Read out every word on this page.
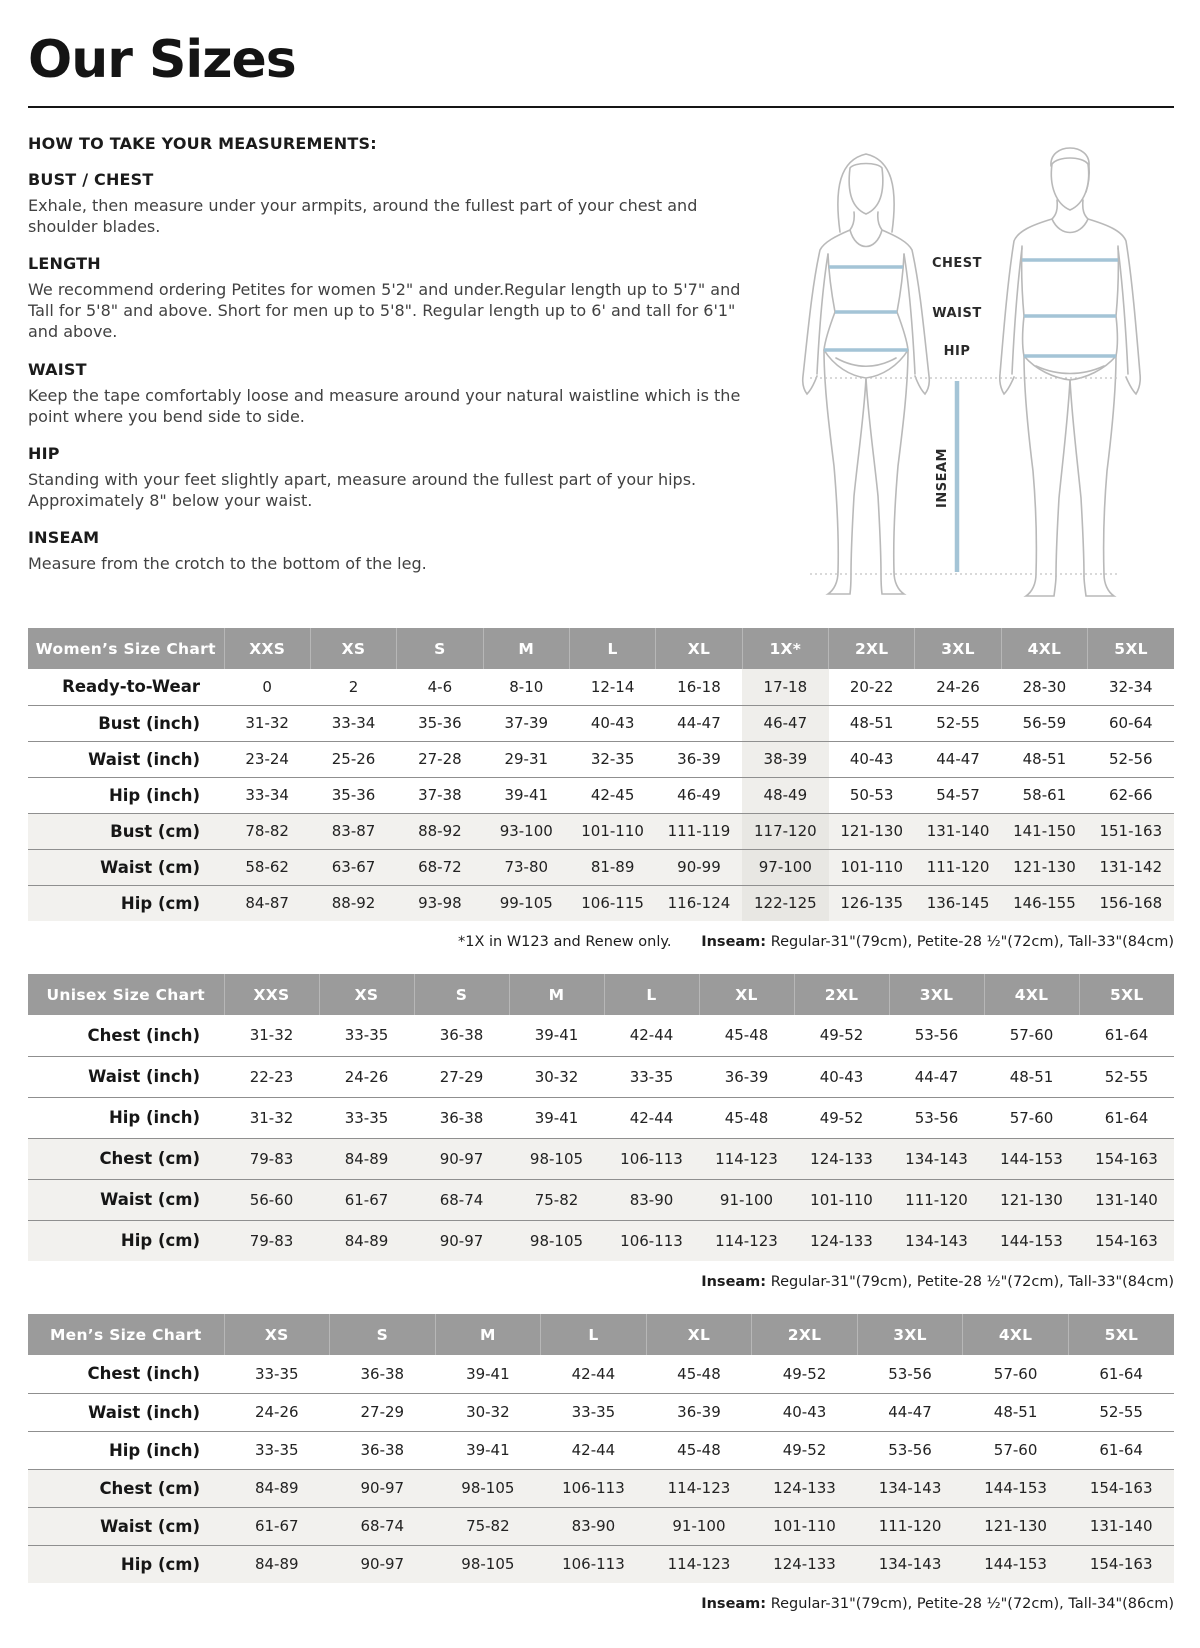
Our Sizes
HOW TO TAKE YOUR MEASUREMENTS:
BUST / CHEST

Exhale, then measure under your armpits, around the fullest part of your chest and shoulder blades.

LENGTH

We recommend ordering Petites for women 5'2" and under.Regular length up to 5'7" and Tall for 5'8" and above. Short for men up to 5'8". Regular length up to 6' and tall for 6'1" and above.

WAIST

Keep the tape comfortably loose and measure around your natural waistline which is the point where you bend side to side.

HIP

Standing with your feet slightly apart, measure around the fullest part of your hips. Approximately 8" below your waist.

INSEAM

Measure from the crotch to the bottom of the leg.

CHEST
WAIST
HIP
INSEAM
Women’s Size Chart	XXS	XS	S	M	L	XL	1X*	2XL	3XL	4XL	5XL
Ready-to-Wear	0	2	4-6	8-10	12-14	16-18	17-18	20-22	24-26	28-30	32-34
Bust (inch)	31-32	33-34	35-36	37-39	40-43	44-47	46-47	48-51	52-55	56-59	60-64
Waist (inch)	23-24	25-26	27-28	29-31	32-35	36-39	38-39	40-43	44-47	48-51	52-56
Hip (inch)	33-34	35-36	37-38	39-41	42-45	46-49	48-49	50-53	54-57	58-61	62-66
Bust (cm)	78-82	83-87	88-92	93-100	101-110	111-119	117-120	121-130	131-140	141-150	151-163
Waist (cm)	58-62	63-67	68-72	73-80	81-89	90-99	97-100	101-110	111-120	121-130	131-142
Hip (cm)	84-87	88-92	93-98	99-105	106-115	116-124	122-125	126-135	136-145	146-155	156-168
*1X in W123 and Renew only. Inseam: Regular-31"(79cm), Petite-28 ½"(72cm), Tall-33"(84cm)
Unisex Size Chart	XXS	XS	S	M	L	XL	2XL	3XL	4XL	5XL
Chest (inch)	31-32	33-35	36-38	39-41	42-44	45-48	49-52	53-56	57-60	61-64
Waist (inch)	22-23	24-26	27-29	30-32	33-35	36-39	40-43	44-47	48-51	52-55
Hip (inch)	31-32	33-35	36-38	39-41	42-44	45-48	49-52	53-56	57-60	61-64
Chest (cm)	79-83	84-89	90-97	98-105	106-113	114-123	124-133	134-143	144-153	154-163
Waist (cm)	56-60	61-67	68-74	75-82	83-90	91-100	101-110	111-120	121-130	131-140
Hip (cm)	79-83	84-89	90-97	98-105	106-113	114-123	124-133	134-143	144-153	154-163
Inseam: Regular-31"(79cm), Petite-28 ½"(72cm), Tall-33"(84cm)
Men’s Size Chart	XS	S	M	L	XL	2XL	3XL	4XL	5XL
Chest (inch)	33-35	36-38	39-41	42-44	45-48	49-52	53-56	57-60	61-64
Waist (inch)	24-26	27-29	30-32	33-35	36-39	40-43	44-47	48-51	52-55
Hip (inch)	33-35	36-38	39-41	42-44	45-48	49-52	53-56	57-60	61-64
Chest (cm)	84-89	90-97	98-105	106-113	114-123	124-133	134-143	144-153	154-163
Waist (cm)	61-67	68-74	75-82	83-90	91-100	101-110	111-120	121-130	131-140
Hip (cm)	84-89	90-97	98-105	106-113	114-123	124-133	134-143	144-153	154-163
Inseam: Regular-31"(79cm), Petite-28 ½"(72cm), Tall-34"(86cm)
